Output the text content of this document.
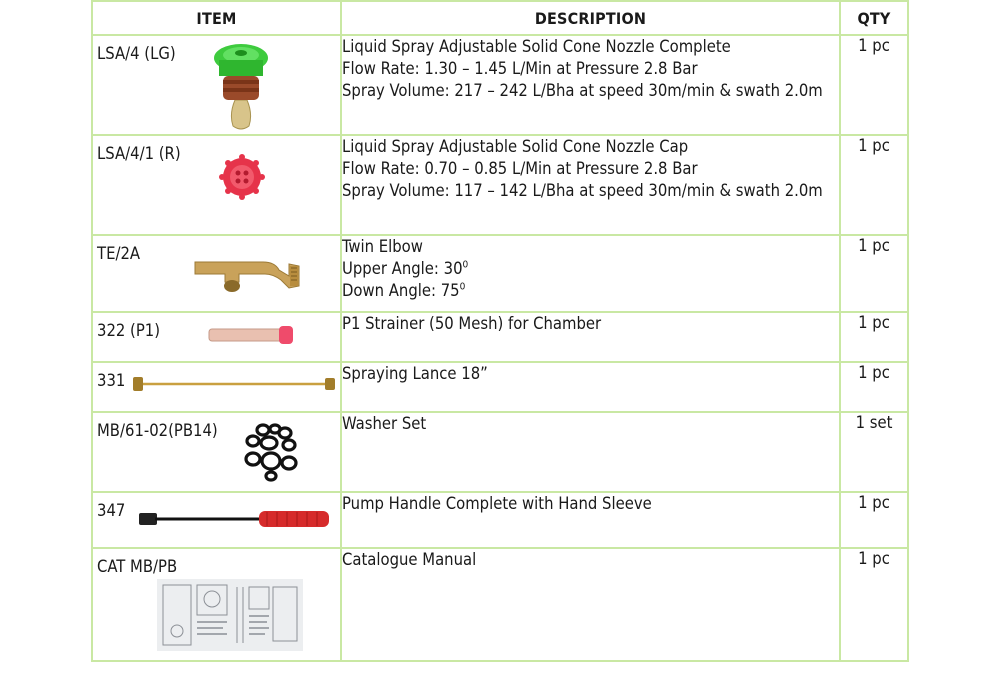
ITEM	DESCRIPTION	QTY

LSA/4 (LG)	Liquid Spray Adjustable Solid Cone Nozzle Complete
Flow Rate: 1.30 – 1.45 L/Min at Pressure 2.8 Bar
Spray Volume: 217 – 242 L/Bha at speed 30m/min & swath 2.0m	1 pc

LSA/4/1 (R)	Liquid Spray Adjustable Solid Cone Nozzle Cap
Flow Rate: 0.70 – 0.85 L/Min at Pressure 2.8 Bar
Spray Volume: 117 – 142 L/Bha at speed 30m/min & swath 2.0m	1 pc

TE/2A	Twin Elbow
Upper Angle: $30^0$
Down Angle: $75^0$	1 pc

322 (P1)	P1 Strainer (50 Mesh) for Chamber	1 pc

331	Spraying Lance 18”	1 pc

MB/61-02(PB14)	Washer Set	1 set

347	Pump Handle Complete with Hand Sleeve	1 pc

CAT MB/PB	Catalogue Manual	1 pc
